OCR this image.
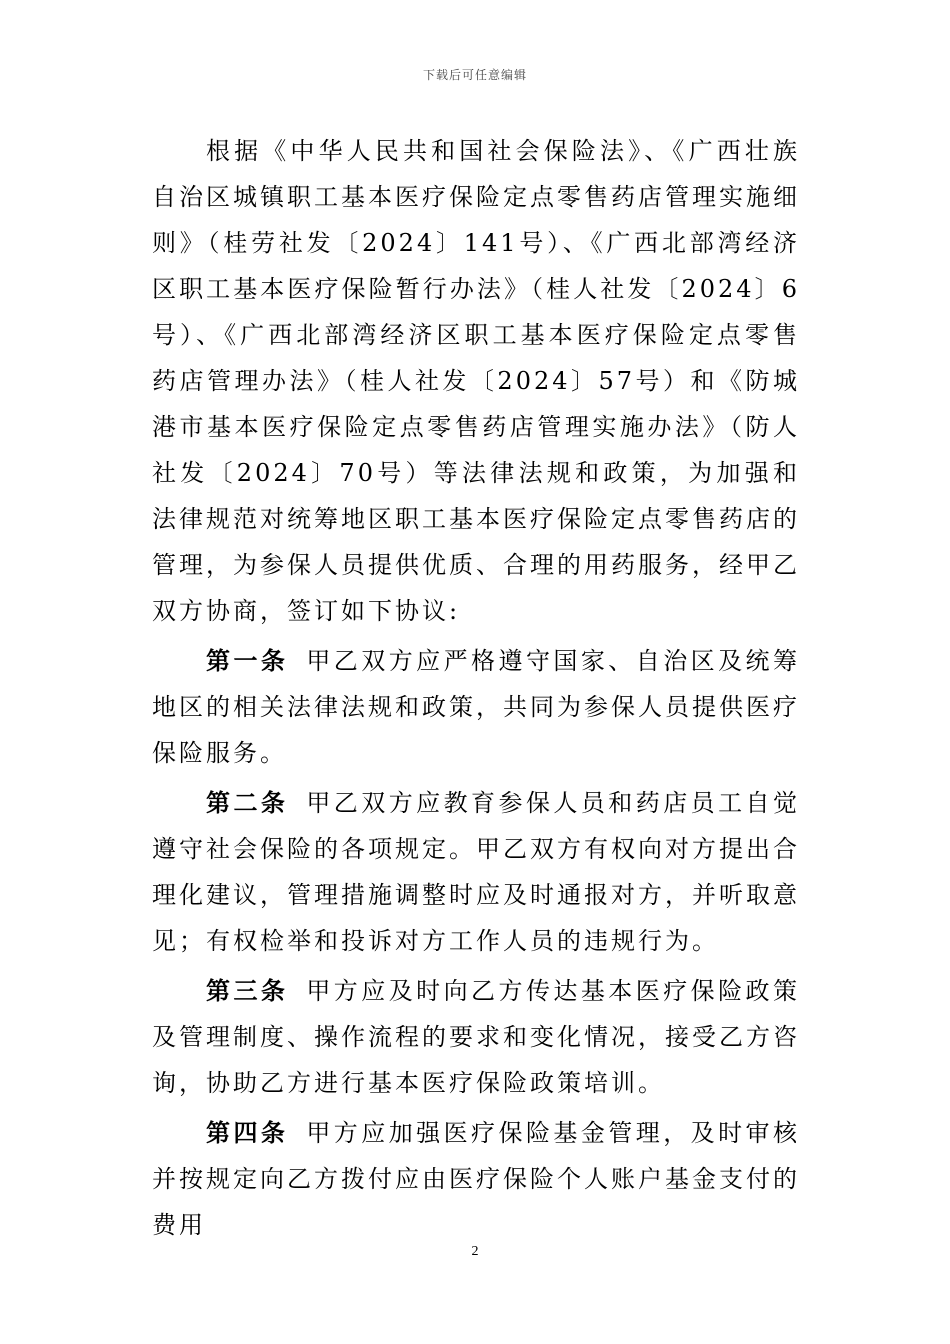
下载后可任意编辑

根据《中华人民共和国社会保险法》、《广西壮族自治区城镇职工基本医疗保险定点零售药店管理实施细则》（桂劳社发〔2024〕141号）、《广西北部湾经济区职工基本医疗保险暂行办法》（桂人社发〔2024〕6号）、《广西北部湾经济区职工基本医疗保险定点零售药店管理办法》（桂人社发〔2024〕57号）和《防城港市基本医疗保险定点零售药店管理实施办法》（防人社发〔2024〕70号）等法律法规和政策，为加强和法律规范对统筹地区职工基本医疗保险定点零售药店的管理，为参保人员提供优质、合理的用药服务，经甲乙双方协商，签订如下协议:

第一条 甲乙双方应严格遵守国家、自治区及统筹地区的相关法律法规和政策，共同为参保人员提供医疗保险服务。

第二条 甲乙双方应教育参保人员和药店员工自觉遵守社会保险的各项规定。甲乙双方有权向对方提出合理化建议，管理措施调整时应及时通报对方，并听取意见；有权检举和投诉对方工作人员的违规行为。

第三条 甲方应及时向乙方传达基本医疗保险政策及管理制度、操作流程的要求和变化情况，接受乙方咨询，协助乙方进行基本医疗保险政策培训。

第四条 甲方应加强医疗保险基金管理，及时审核并按规定向乙方拨付应由医疗保险个人账户基金支付的费用

2
